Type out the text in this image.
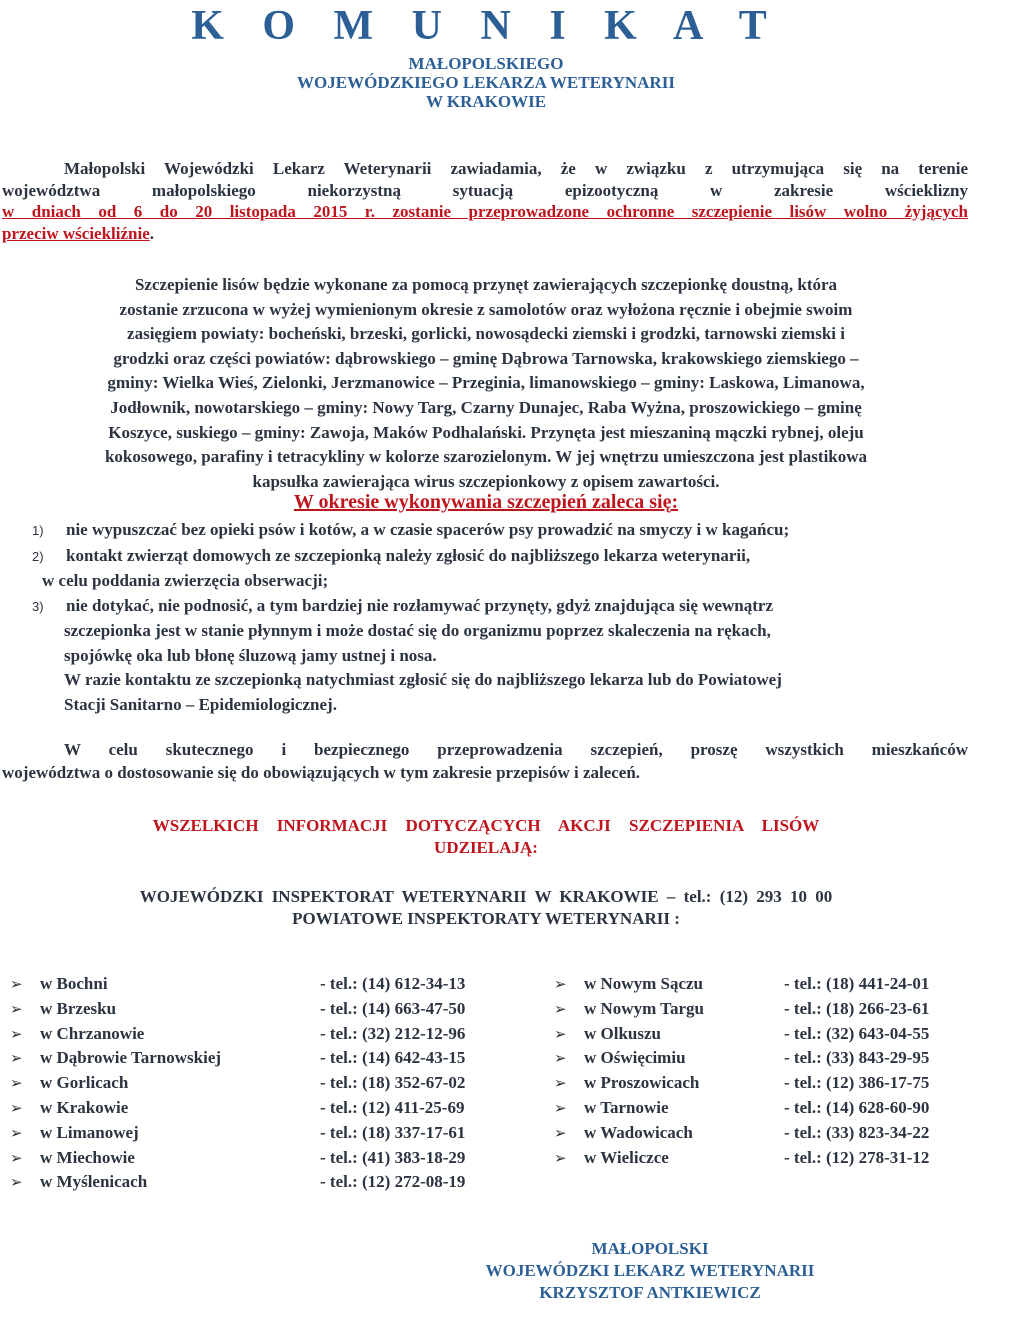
K O M U N I K A T
MAŁOPOLSKIEGO
WOJEWÓDZKIEGO LEKARZA WETERYNARII
W KRAKOWIE
Małopolski Wojewódzki Lekarz Weterynarii zawiadamia, że w związku z utrzymująca się na terenie
województwa małopolskiego niekorzystną sytuacją epizootyczną w zakresie wścieklizny
w dniach od 6 do 20 listopada 2015 r. zostanie przeprowadzone ochronne szczepienie lisów wolno żyjących
przeciw wściekliźnie.
Szczepienie lisów będzie wykonane za pomocą przynęt zawierających szczepionkę doustną, która
zostanie zrzucona w wyżej wymienionym okresie z samolotów oraz wyłożona ręcznie i obejmie swoim
zasięgiem powiaty: bocheński, brzeski, gorlicki, nowosądecki ziemski i grodzki, tarnowski ziemski i
grodzki oraz części powiatów: dąbrowskiego – gminę Dąbrowa Tarnowska, krakowskiego ziemskiego –
gminy: Wielka Wieś, Zielonki, Jerzmanowice – Przeginia, limanowskiego – gminy: Laskowa, Limanowa,
Jodłownik, nowotarskiego – gminy: Nowy Targ, Czarny Dunajec, Raba Wyżna, proszowickiego – gminę
Koszyce, suskiego – gminy: Zawoja, Maków Podhalański. Przynęta jest mieszaniną mączki rybnej, oleju
kokosowego, parafiny i tetracykliny w kolorze szarozielonym. W jej wnętrzu umieszczona jest plastikowa
kapsułka zawierająca wirus szczepionkowy z opisem zawartości.
W okresie wykonywania szczepień zaleca się:
1) nie wypuszczać bez opieki psów i kotów, a w czasie spacerów psy prowadzić na smyczy i w kagańcu;
2) kontakt zwierząt domowych ze szczepionką należy zgłosić do najbliższego lekarza weterynarii,
w celu poddania zwierzęcia obserwacji;
3) nie dotykać, nie podnosić, a tym bardziej nie rozłamywać przynęty, gdyż znajdująca się wewnątrz
szczepionka jest w stanie płynnym i może dostać się do organizmu poprzez skaleczenia na rękach,
spojówkę oka lub błonę śluzową jamy ustnej i nosa.
W razie kontaktu ze szczepionką natychmiast zgłosić się do najbliższego lekarza lub do Powiatowej
Stacji Sanitarno – Epidemiologicznej.
W celu skutecznego i bezpiecznego przeprowadzenia szczepień, proszę wszystkich mieszkańców
województwa o dostosowanie się do obowiązujących w tym zakresie przepisów i zaleceń.
WSZELKICH INFORMACJI DOTYCZĄCYCH AKCJI SZCZEPIENIA LISÓW
UDZIELAJĄ:
WOJEWÓDZKI INSPEKTORAT WETERYNARII W KRAKOWIE – tel.: (12) 293 10 00
POWIATOWE INSPEKTORATY WETERYNARII :
➢	w Bochni	- tel.: (14) 612-34-13
➢	w Brzesku	- tel.: (14) 663-47-50
➢	w Chrzanowie	- tel.: (32) 212-12-96
➢	w Dąbrowie Tarnowskiej	- tel.: (14) 642-43-15
➢	w Gorlicach	- tel.: (18) 352-67-02
➢	w Krakowie	- tel.: (12) 411-25-69
➢	w Limanowej	- tel.: (18) 337-17-61
➢	w Miechowie	- tel.: (41) 383-18-29
➢	w Myślenicach	- tel.: (12) 272-08-19
➢	w Nowym Sączu	- tel.: (18) 441-24-01
➢	w Nowym Targu	- tel.: (18) 266-23-61
➢	w Olkuszu	- tel.: (32) 643-04-55
➢	w Oświęcimiu	- tel.: (33) 843-29-95
➢	w Proszowicach	- tel.: (12) 386-17-75
➢	w Tarnowie	- tel.: (14) 628-60-90
➢	w Wadowicach	- tel.: (33) 823-34-22
➢	w Wieliczce	- tel.: (12) 278-31-12
MAŁOPOLSKI
WOJEWÓDZKI LEKARZ WETERYNARII
KRZYSZTOF ANTKIEWICZ
